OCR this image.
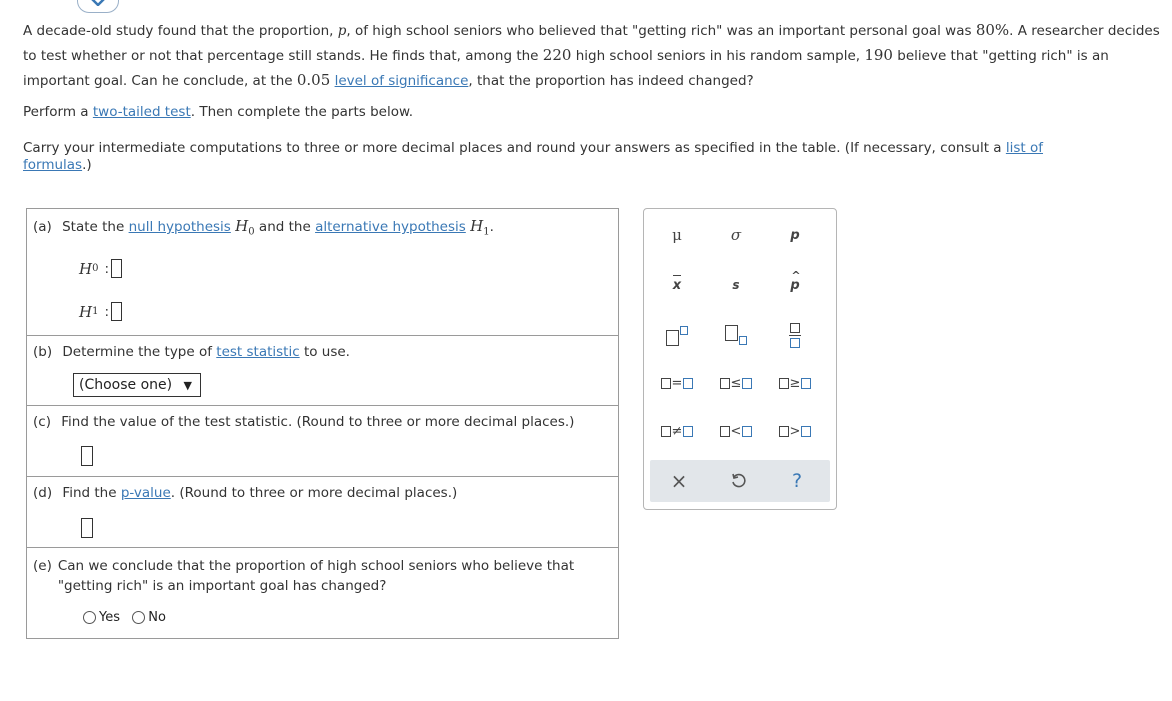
A decade-old study found that the proportion, p, of high school seniors who believed that "getting rich" was an important personal goal was 80%. A researcher decides to test whether or not that percentage still stands. He finds that, among the 220 high school seniors in his random sample, 190 believe that "getting rich" is an important goal. Can he conclude, at the 0.05 level of significance, that the proportion has indeed changed?

Perform a two-tailed test. Then complete the parts below.
Carry your intermediate computations to three or more decimal places and round your answers as specified in the table. (If necessary, consult a list of formulas.)
(a) State the null hypothesis $H_0$ and the alternative hypothesis $H_1$.
H 0 :
H 1 :
(b) Determine the type of test statistic to use.
(Choose one) ▼
(c) Find the value of the test statistic. (Round to three or more decimal places.)
(d) Find the p-value. (Round to three or more decimal places.)
(e) Can we conclude that the proportion of high school seniors who believe that "getting rich" is an important goal has changed?
Yes
No
μ	σ	p
x	s
^
p
=	≤	≥
≠	<	>
×	?
